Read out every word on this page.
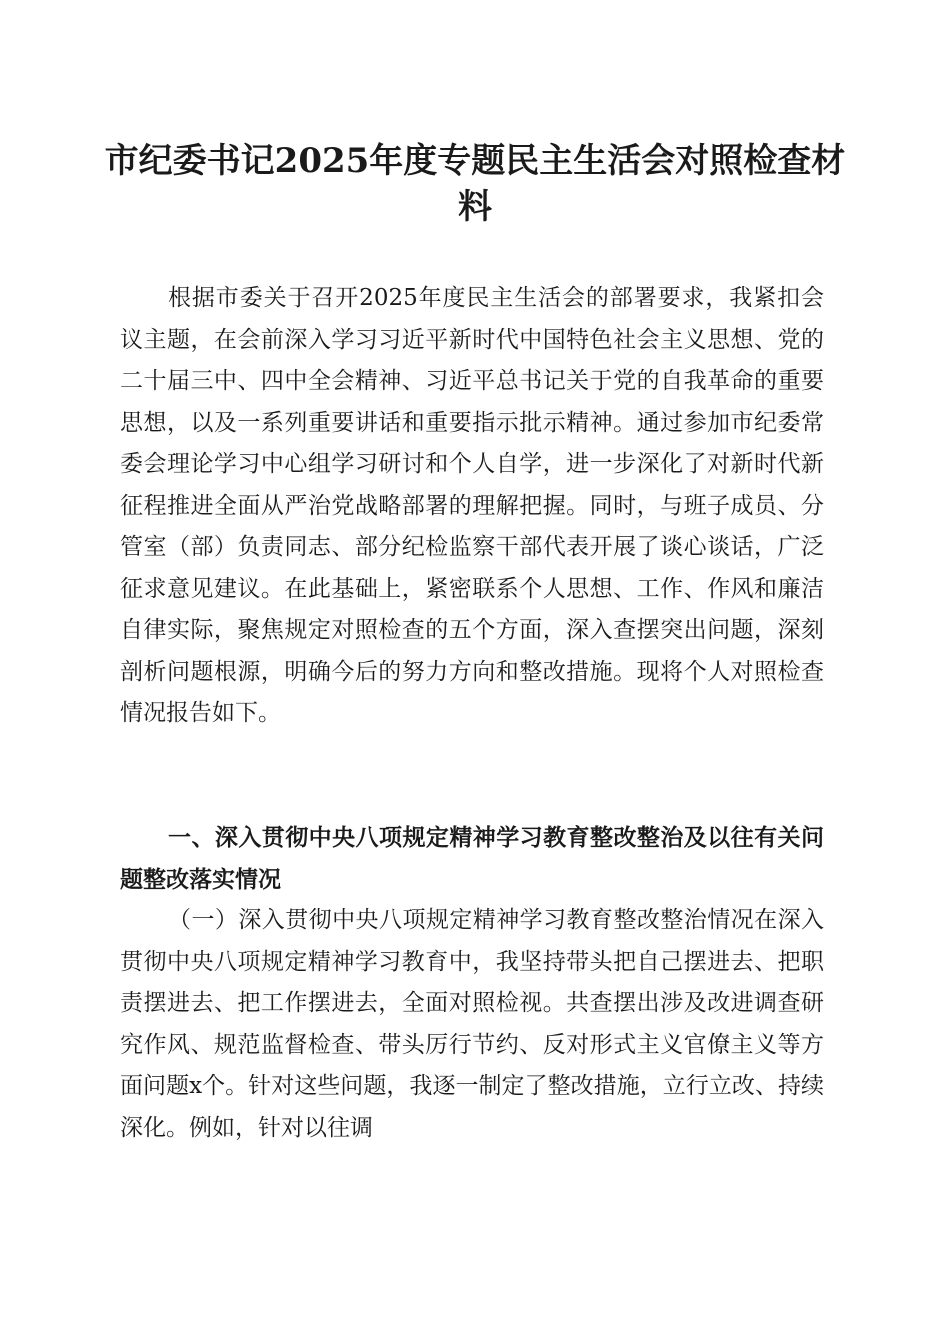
市纪委书记2025年度专题民主生活会对照检查材料

根据市委关于召开2025年度民主生活会的部署要求，我紧扣会议主题，在会前深入学习习近平新时代中国特色社会主义思想、党的二十届三中、四中全会精神、习近平总书记关于党的自我革命的重要思想，以及一系列重要讲话和重要指示批示精神。通过参加市纪委常委会理论学习中心组学习研讨和个人自学，进一步深化了对新时代新征程推进全面从严治党战略部署的理解把握。同时，与班子成员、分管室（部）负责同志、部分纪检监察干部代表开展了谈心谈话，广泛征求意见建议。在此基础上，紧密联系个人思想、工作、作风和廉洁自律实际，聚焦规定对照检查的五个方面，深入查摆突出问题，深刻剖析问题根源，明确今后的努力方向和整改措施。现将个人对照检查情况报告如下。

一、深入贯彻中央八项规定精神学习教育整改整治及以往有关问题整改落实情况

（一）深入贯彻中央八项规定精神学习教育整改整治情况在深入贯彻中央八项规定精神学习教育中，我坚持带头把自己摆进去、把职责摆进去、把工作摆进去，全面对照检视。共查摆出涉及改进调查研究作风、规范监督检查、带头厉行节约、反对形式主义官僚主义等方面问题x个。针对这些问题，我逐一制定了整改措施，立行立改、持续深化。例如，针对以往调
